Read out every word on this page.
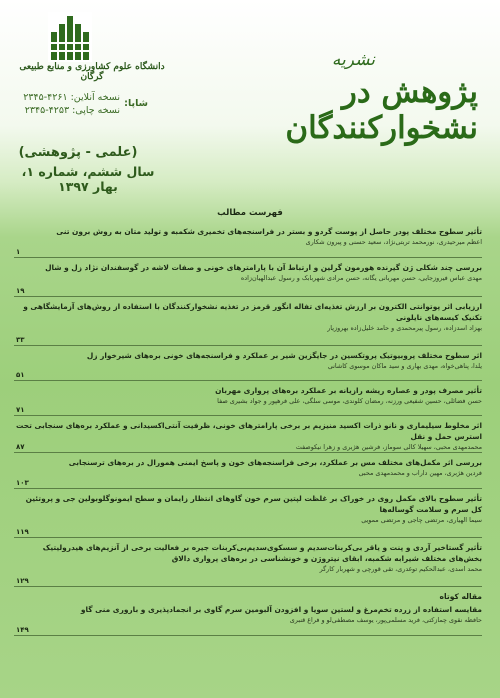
دانشگاه علوم کشاورزی و منابع طبیعی گرگان
نشریه
پژوهش در نشخوارکنندگان
شاپا:
نسخه آنلاین: ۴۲۶۱-۲۳۴۵
نسخه چاپی: ۴۲۵۳-۲۳۴۵
(علمی - پژوهشی)
سال ششم، شماره ۱، بهار ۱۳۹۷
فهرست مطالب
تأثیر سطوح مختلف پودر حاصل از پوست گردو و بستر در فراسنجه‌های تخمیری شکمبه و تولید متان به روش برون تنی
اعظم میرحیدری، نورمحمد تربتی‌نژاد، سعید حسنی و پیرون شکاری
۱
بررسی چند شکلی ژن گیرنده هورمون گرلین و ارتباط آن با پارامترهای خونی و صفات لاشه در گوسفندان نژاد زل و شال
مهدی عباس فیروزجایی، حسن مهربانی یگانه، حسن مرادی شهربابک و رسول عبدالهیان‌زاده
۱۹
ارزیابی اثر پوتوانتی الکترون بر ارزش تغذیه‌ای تفاله انگور قرمز در تغذیه نشخوارکنندگان با استفاده از روش‌های آزمایشگاهی و تکنیک کیسه‌های نایلونی
بهزاد اسدزاده، رسول پیرمحمدی و حامد خلیل‌زاده بهروزیار
۳۳
اثر سطوح مختلف پروبیوتیک پروتکسین در جایگزین شیر بر عملکرد و فراسنجه‌های خونی بره‌های شیرخوار زل
یلدا، پناهی‌خواه، مهدی بهاری و سید ماکان موسوی کاشانی
۵۱
تأثیر مصرف پودر و عصاره ریشه رازیانه بر عملکرد بره‌های پرواری مهربان
حسن فضائلی، حسین شفیعی ورزنه، رمضان کلوندی، موسی سلگی، علی فرهپور و جواد بشیری صفا
۷۱
اثر مخلوط سیلیماری و نانو ذرات اکسید منیزیم بر برخی پارامترهای خونی، ظرفیت آنتی‌اکسیدانی و عملکرد بره‌های سنجابی تحت استرس حمل و نقل
محمدمهدی محبی، سهیلا کالی سوماز، فرشین هژبری و زهرا نیکوصفت
۸۷
بررسی اثر مکمل‌های مختلف مس بر عملکرد، برخی فراسنجه‌های خون و پاسخ ایمنی همورال در بره‌های ترسنجابی
فردین هژبری، مهین داراب و محمدمهدی محبی
۱۰۳
تأثیر سطوح بالای مکمل روی در خوراک بر غلظت لپتین سرم خون گاوهای انتظار زایمان و سطح ایمونوگلوبولین جی و پروتئین کل سرم و سلامت گوساله‌ها
سیما الهیاری، مرتضی چاجی و مرتضی ممویی
۱۱۹
تأثیر گستاخیر آردی و پنت و یاقر بی‌کربنات‌سدیم و سسکوی‌سدیم‌بی‌کربنات جیره بر فعالیت برخی از آنزیم‌های هیدرولیتیک بخش‌های مختلف شیرابه شکمبه، ابقای نیتروژن و خونشناسی در بره‌های پرواری دالاق
محمد اسدی، عبدالحکیم توغدری، تقی قورچی و شهربار کارگر
۱۲۹
مقاله کوتاه
مقایسه استفاده از زرده تخم‌مرغ و لستین سویا و افزودن آلبومین سرم گاوی بر انجمادپذیری و باروری منی گاو
حافظه نقوی چمازکتی، فرید مسلمی‌پور، یوسف مصطفی‌لو و فراغ قنبری
۱۴۹
